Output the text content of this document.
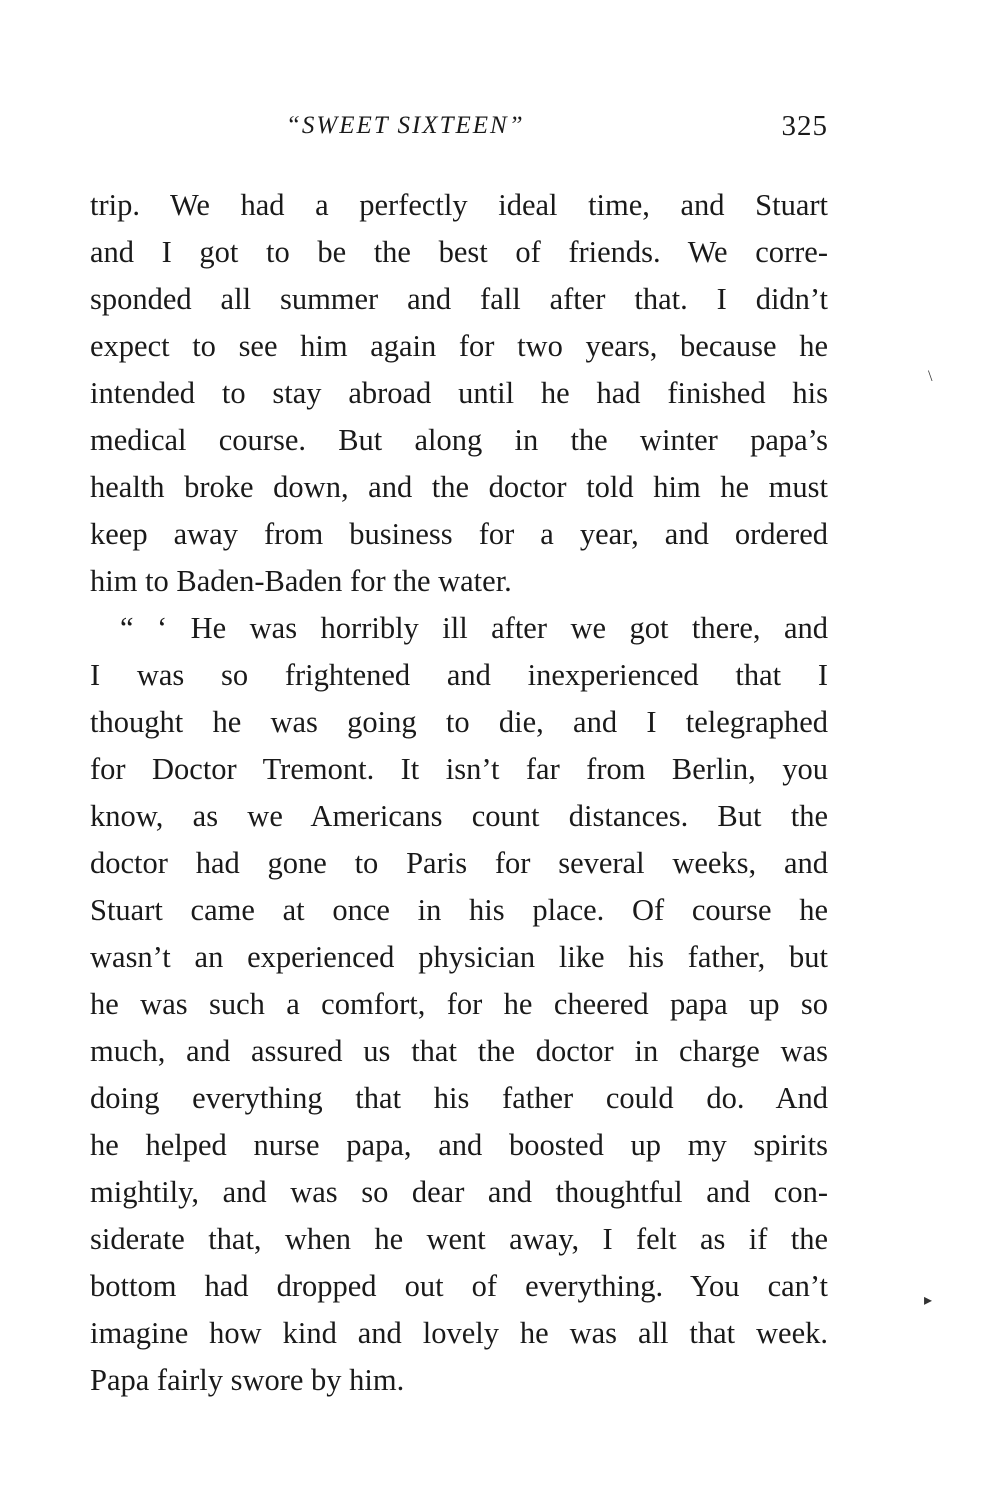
“SWEET SIXTEEN”	325
trip. We had a perfectly ideal time, and Stuart
and I got to be the best of friends. We corre-
sponded all summer and fall after that. I didn’t
expect to see him again for two years, because he
intended to stay abroad until he had finished his
medical course. But along in the winter papa’s
health broke down, and the doctor told him he must
keep away from business for a year, and ordered
him to Baden-Baden for the water.
“ ‘ He was horribly ill after we got there, and
I was so frightened and inexperienced that I
thought he was going to die, and I telegraphed
for Doctor Tremont. It isn’t far from Berlin, you
know, as we Americans count distances. But the
doctor had gone to Paris for several weeks, and
Stuart came at once in his place. Of course he
wasn’t an experienced physician like his father, but
he was such a comfort, for he cheered papa up so
much, and assured us that the doctor in charge was
doing everything that his father could do. And
he helped nurse papa, and boosted up my spirits
mightily, and was so dear and thoughtful and con-
siderate that, when he went away, I felt as if the
bottom had dropped out of everything. You can’t
imagine how kind and lovely he was all that week.
Papa fairly swore by him.
\
▸
